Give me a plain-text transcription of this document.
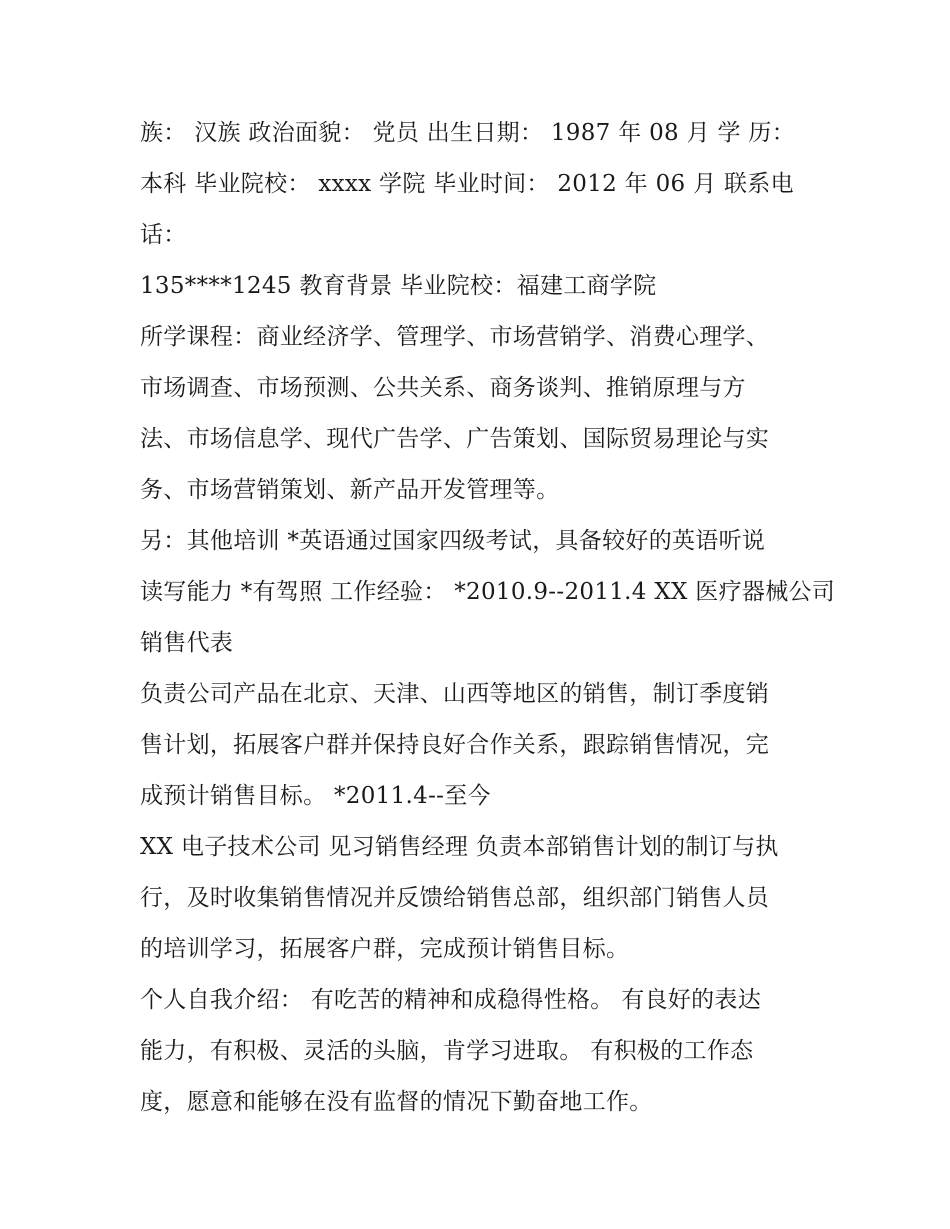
族： 汉族 政治面貌： 党员 出生日期： 1987 年 08 月 学 历：
本科 毕业院校： xxxx 学院 毕业时间： 2012 年 06 月 联系电
话：
135****1245 教育背景 毕业院校：福建工商学院
所学课程：商业经济学、管理学、市场营销学、消费心理学、
市场调查、市场预测、公共关系、商务谈判、推销原理与方
法、市场信息学、现代广告学、广告策划、国际贸易理论与实
务、市场营销策划、新产品开发管理等。
另：其他培训 *英语通过国家四级考试，具备较好的英语听说
读写能力 *有驾照 工作经验： *2010.9--2011.4 XX 医疗器械公司
销售代表
负责公司产品在北京、天津、山西等地区的销售，制订季度销
售计划，拓展客户群并保持良好合作关系，跟踪销售情况，完
成预计销售目标。 *2011.4--至今
XX 电子技术公司 见习销售经理 负责本部销售计划的制订与执
行，及时收集销售情况并反馈给销售总部，组织部门销售人员
的培训学习，拓展客户群，完成预计销售目标。
个人自我介绍： 有吃苦的精神和成稳得性格。 有良好的表达
能力，有积极、灵活的头脑，肯学习进取。 有积极的工作态
度，愿意和能够在没有监督的情况下勤奋地工作。
